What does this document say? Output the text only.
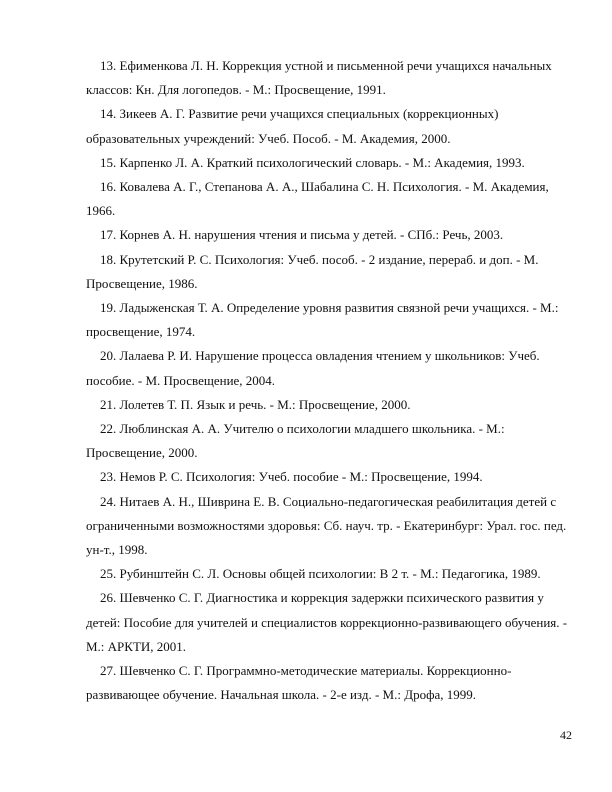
13. Ефименкова Л. Н. Коррекция устной и письменной речи учащихся начальных классов: Кн. Для логопедов. - М.: Просвещение, 1991.
14. Зикеев А. Г. Развитие речи учащихся специальных (коррекционных) образовательных учреждений: Учеб. Пособ. - М. Академия, 2000.
15. Карпенко Л. А. Краткий психологический словарь. - М.: Академия, 1993.
16. Ковалева А. Г., Степанова А. А., Шабалина С. Н. Психология. - М. Академия, 1966.
17. Корнев А. Н. нарушения чтения и письма у детей. - СПб.: Речь, 2003.
18. Крутетский Р. С. Психология: Учеб. пособ. - 2 издание, перераб. и доп. - М. Просвещение, 1986.
19. Ладыженская Т. А. Определение уровня развития связной речи учащихся. - М.: просвещение, 1974.
20. Лалаева Р. И. Нарушение процесса овладения чтением у школьников: Учеб. пособие. - М. Просвещение, 2004.
21. Лолетев Т. П. Язык и речь. - М.: Просвещение, 2000.
22. Люблинская А. А. Учителю о психологии младшего школьника. - М.: Просвещение, 2000.
23. Немов Р. С. Психология: Учеб. пособие - М.: Просвещение, 1994.
24. Нитаев А. Н., Шиврина Е. В. Социально-педагогическая реабилитация детей с ограниченными возможностями здоровья: Сб. науч. тр. - Екатеринбург: Урал. гос. пед. ун-т., 1998.
25. Рубинштейн С. Л. Основы общей психологии: В 2 т. - М.: Педагогика, 1989.
26. Шевченко С. Г. Диагностика и коррекция задержки психического развития у детей: Пособие для учителей и специалистов коррекционно-развивающего обучения. - М.: АРКТИ, 2001.
27. Шевченко С. Г. Программно-методические материалы. Коррекционно-развивающее обучение. Начальная школа. - 2-е изд. - М.: Дрофа, 1999.
42
